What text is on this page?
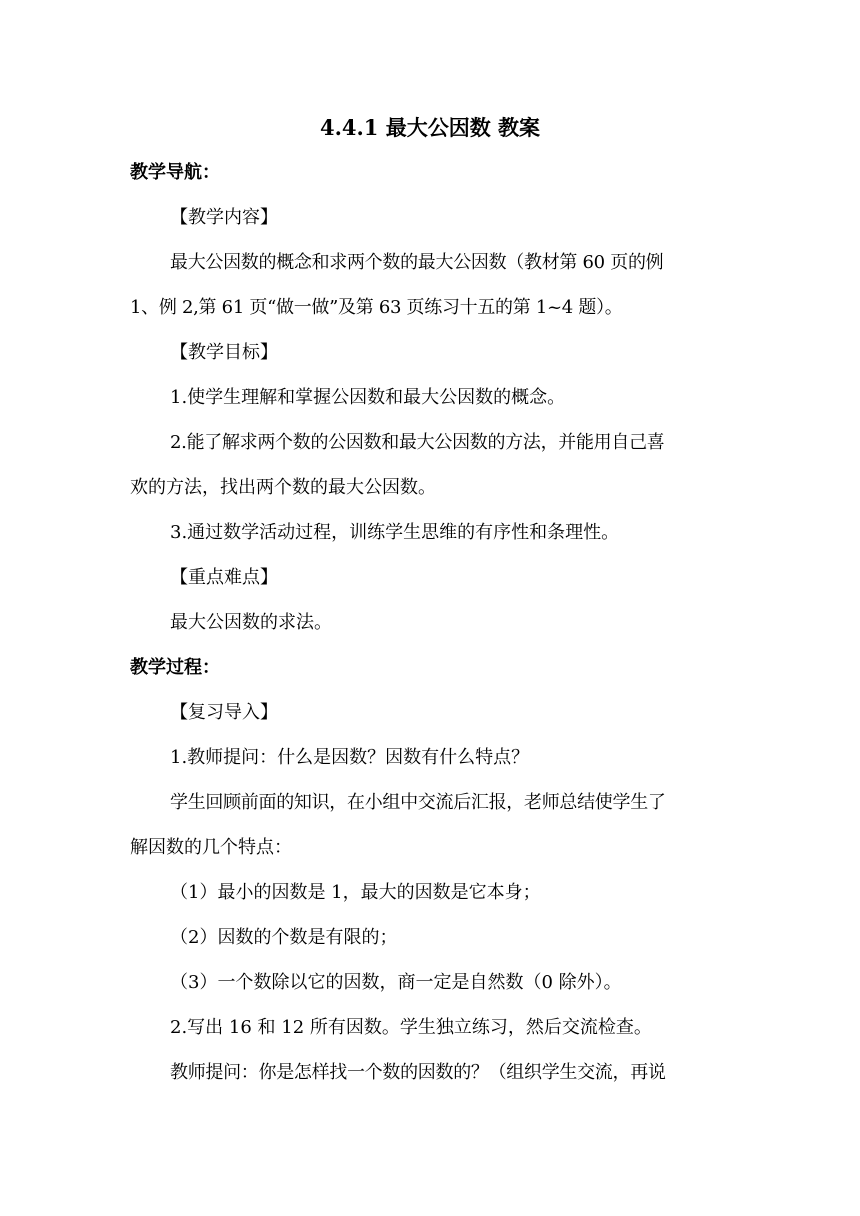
4.4.1 最大公因数 教案
教学导航：
【教学内容】
最大公因数的概念和求两个数的最大公因数（教材第 60 页的例
1、例 2,第 61 页“做一做”及第 63 页练习十五的第 1~4 题）。
【教学目标】
1.使学生理解和掌握公因数和最大公因数的概念。
2.能了解求两个数的公因数和最大公因数的方法，并能用自己喜
欢的方法，找出两个数的最大公因数。
3.通过数学活动过程，训练学生思维的有序性和条理性。
【重点难点】
最大公因数的求法。
教学过程：
【复习导入】
1.教师提问：什么是因数？因数有什么特点？
学生回顾前面的知识，在小组中交流后汇报，老师总结使学生了
解因数的几个特点：
（1）最小的因数是 1，最大的因数是它本身；
（2）因数的个数是有限的；
（3）一个数除以它的因数，商一定是自然数（0 除外）。
2.写出 16 和 12 所有因数。学生独立练习，然后交流检查。
教师提问：你是怎样找一个数的因数的？（组织学生交流，再说
